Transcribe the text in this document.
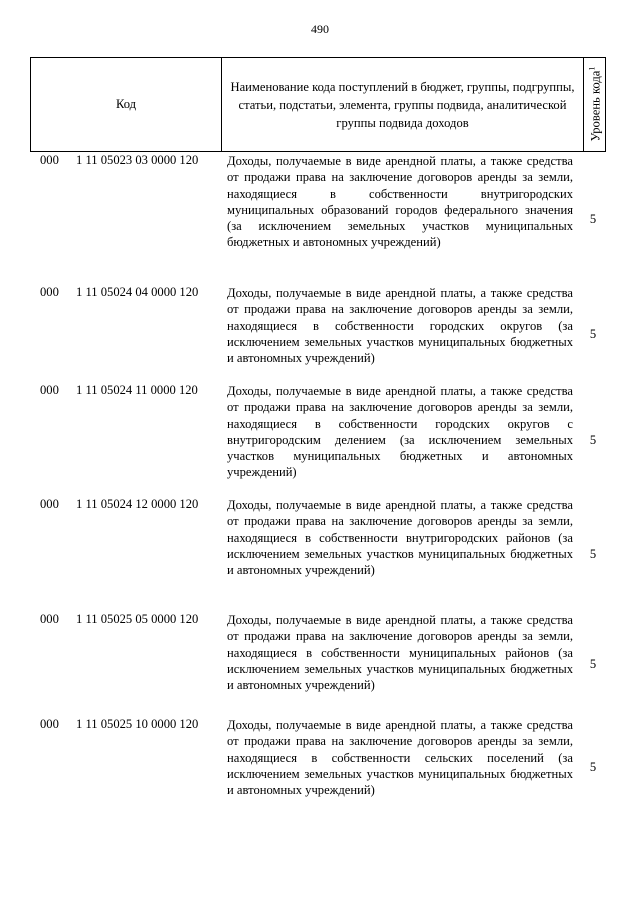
490
Код
Наименование кода поступлений в бюджет, группы, подгруппы, статьи, подстатьи, элемента, группы подвида, аналитической группы подвида доходов	Уровень кода$^1$
000 1 11 05023 03 0000 120 Доходы, получаемые в виде арендной платы, а также средства от продажи права на заключение договоров аренды за земли, находящиеся в собственности внутригородских муниципальных образований городов федерального значения (за исключением земельных участков муниципальных бюджетных и автономных учреждений)
5
000 1 11 05024 04 0000 120 Доходы, получаемые в виде арендной платы, а также средства от продажи права на заключение договоров аренды за земли, находящиеся в собственности городских округов (за исключением земельных участков муниципальных бюджетных и автономных учреждений)
5
000 1 11 05024 11 0000 120 Доходы, получаемые в виде арендной платы, а также средства от продажи права на заключение договоров аренды за земли, находящиеся в собственности городских округов с внутригородским делением (за исключением земельных участков муниципальных бюджетных и автономных учреждений)
5
000 1 11 05024 12 0000 120 Доходы, получаемые в виде арендной платы, а также средства от продажи права на заключение договоров аренды за земли, находящиеся в собственности внутригородских районов (за исключением земельных участков муниципальных бюджетных и автономных учреждений)
5
000 1 11 05025 05 0000 120 Доходы, получаемые в виде арендной платы, а также средства от продажи права на заключение договоров аренды за земли, находящиеся в собственности муниципальных районов (за исключением земельных участков муниципальных бюджетных и автономных учреждений)
5
000 1 11 05025 10 0000 120 Доходы, получаемые в виде арендной платы, а также средства от продажи права на заключение договоров аренды за земли, находящиеся в собственности сельских поселений (за исключением земельных участков муниципальных бюджетных и автономных учреждений)
5
